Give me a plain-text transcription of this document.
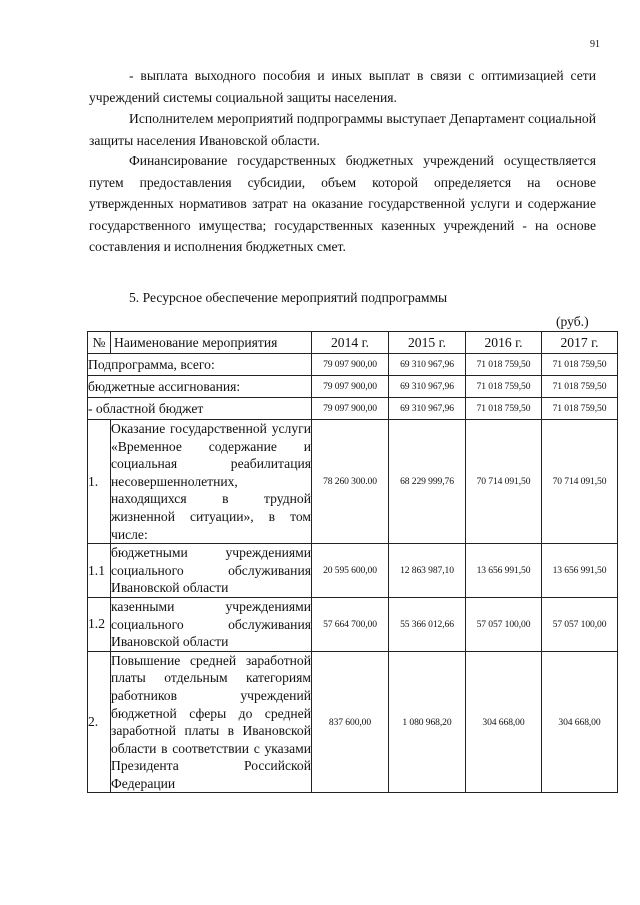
91
- выплата выходного пособия и иных выплат в связи с оптимизацией сети учреждений системы социальной защиты населения.
Исполнителем мероприятий подпрограммы выступает Департамент социальной защиты населения Ивановской области.
Финансирование государственных бюджетных учреждений осуществляется путем предоставления субсидии, объем которой определяется на основе утвержденных нормативов затрат на оказание государственной услуги и содержание государственного имущества; государственных казенных учреждений - на основе составления и исполнения бюджетных смет.
5. Ресурсное обеспечение мероприятий подпрограммы
(руб.)
№	Наименование мероприятия	2014 г.	2015 г.	2016 г.	2017 г.
Подпрограмма, всего:		79 097 900,00	69 310 967,96	71 018 759,50	71 018 759,50
бюджетные ассигнования:		79 097 900,00	69 310 967,96	71 018 759,50	71 018 759,50
- областной бюджет		79 097 900,00	69 310 967,96	71 018 759,50	71 018 759,50
1.	Оказание государственной услуги «Временное содержание и социальная реабилитация несовершеннолетних, находящихся в трудной жизненной ситуации», в том числе:	78 260 300.00	68 229 999,76	70 714 091,50	70 714 091,50
1.1	бюджетными учреждениями социального обслуживания Ивановской области	20 595 600,00	12 863 987,10	13 656 991,50	13 656 991,50
1.2	казенными учреждениями социального обслуживания Ивановской области	57 664 700,00	55 366 012,66	57 057 100,00	57 057 100,00
2.	Повышение средней заработной платы отдельным категориям работников учреждений бюджетной сферы до средней заработной платы в Ивановской области в соответствии с указами Президента Российской Федерации	837 600,00	1 080 968,20	304 668,00	304 668,00
